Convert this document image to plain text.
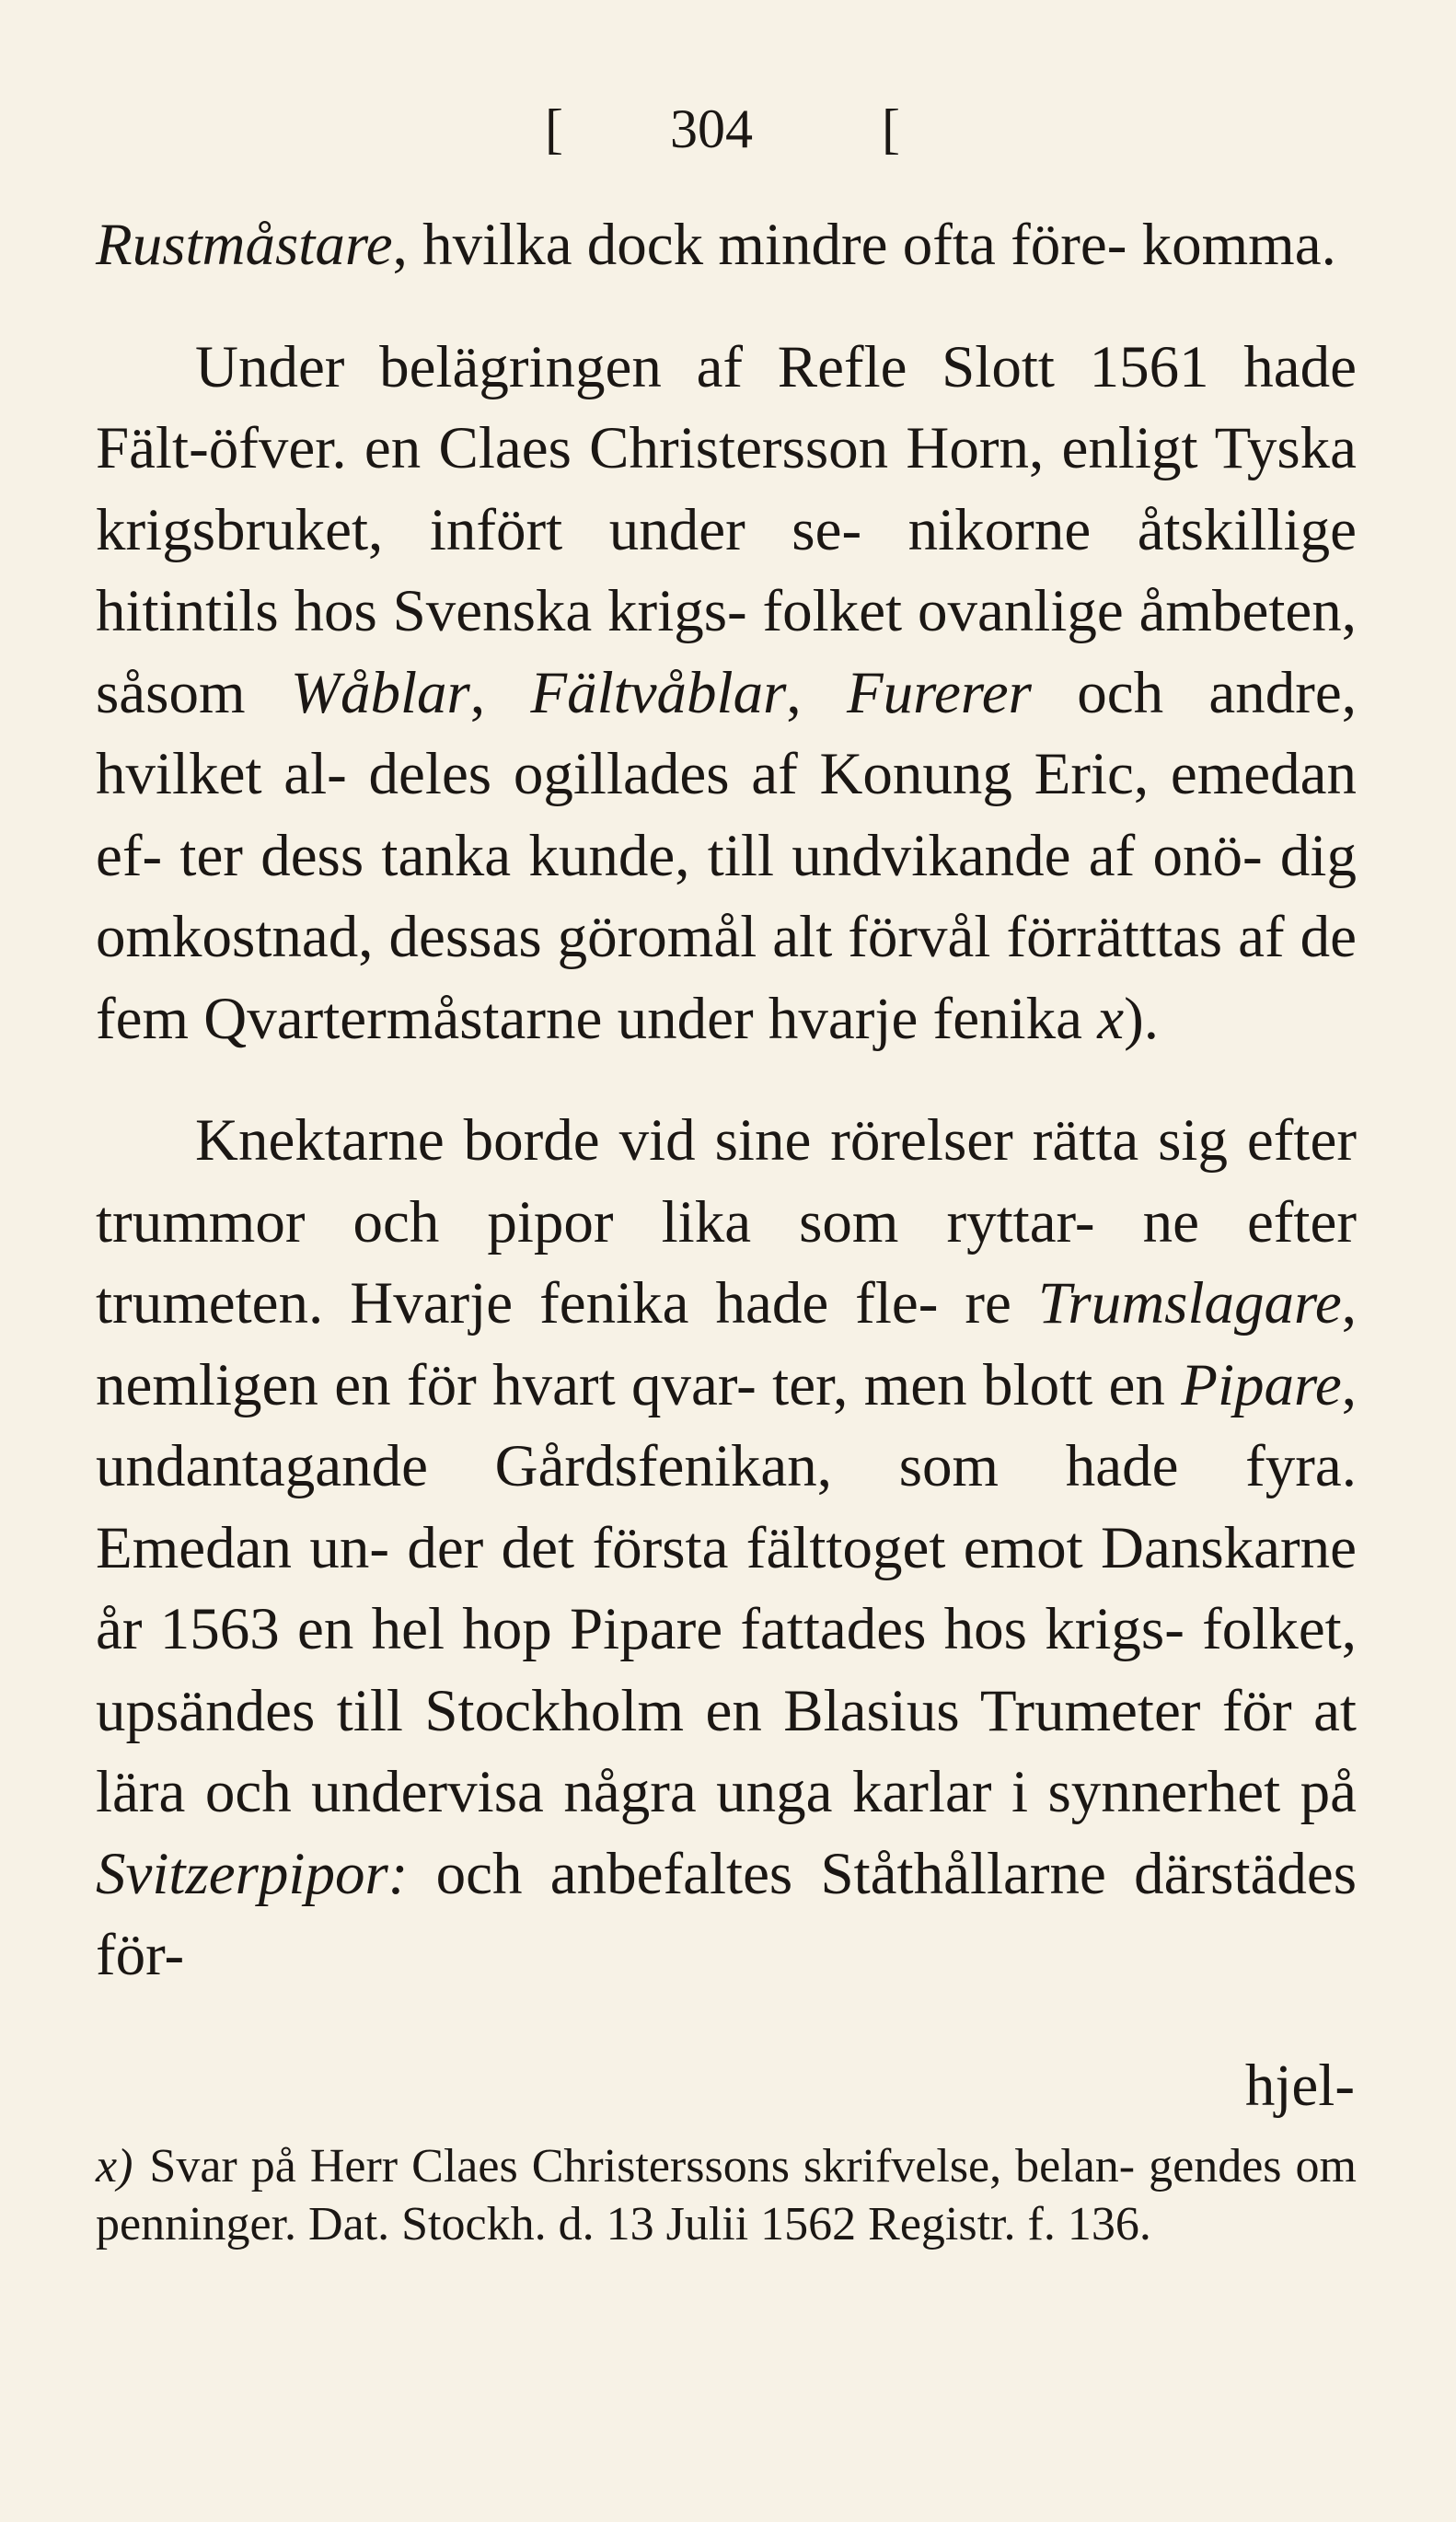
[ 304 [

Rustmåstare, hvilka dock mindre ofta före- komma.

Under belägringen af Refle Slott 1561 hade Fält-öfver. en Claes Christersson Horn, enligt Tyska krigsbruket, infört under se- nikorne åtskillige hitintils hos Svenska krigs- folket ovanlige åmbeten, såsom Wåblar, Fältvåblar, Furerer och andre, hvilket al- deles ogillades af Konung Eric, emedan ef- ter dess tanka kunde, till undvikande af onö- dig omkostnad, dessas göromål alt förvål förrätttas af de fem Qvartermåstarne under hvarje fenika x).

Knektarne borde vid sine rörelser rätta sig efter trummor och pipor lika som ryttar- ne efter trumeten. Hvarje fenika hade fle- re Trumslagare, nemligen en för hvart qvar- ter, men blott en Pipare, undantagande Gårdsfenikan, som hade fyra. Emedan un- der det första fälttoget emot Danskarne år 1563 en hel hop Pipare fattades hos krigs- folket, upsändes till Stockholm en Blasius Trumeter för at lära och undervisa några unga karlar i synnerhet på Svitzerpipor: och anbefaltes Ståthållarne därstädes för-

hjel-

x) Svar på Herr Claes Christerssons skrifvelse, belan- gendes om penninger. Dat. Stockh. d. 13 Julii 1562 Registr. f. 136.
